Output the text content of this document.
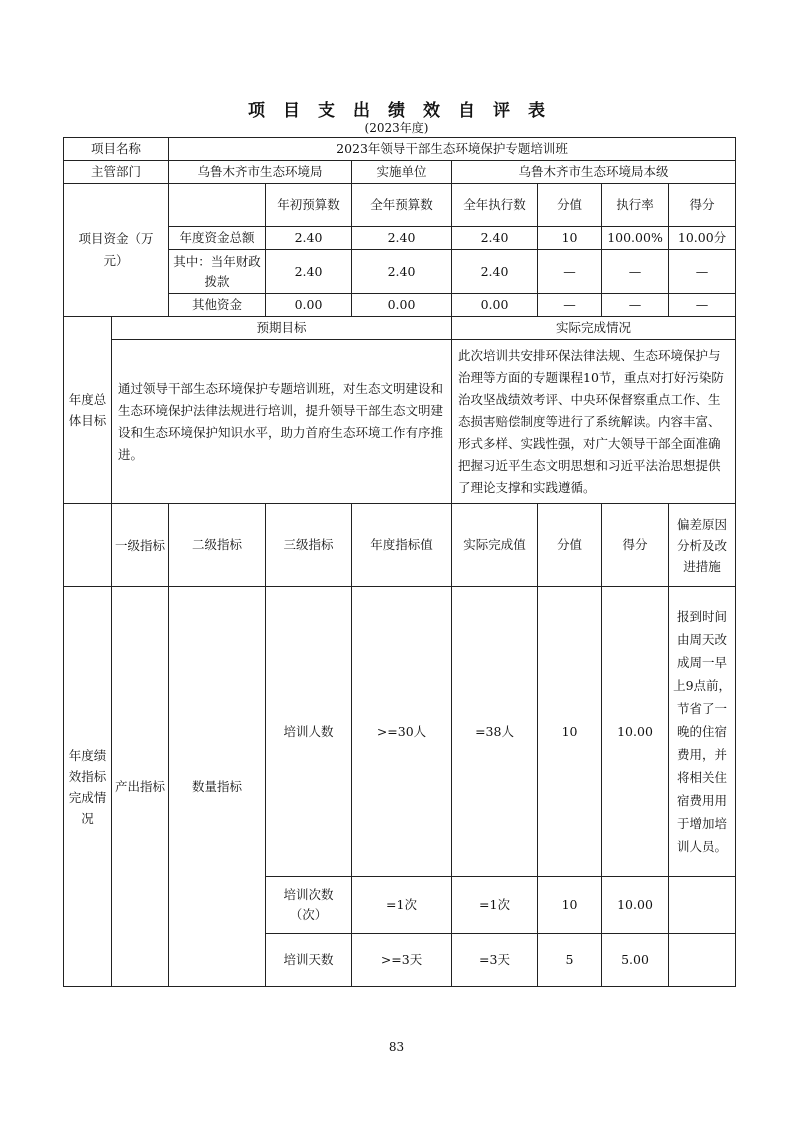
项目支出绩效自评表
(2023年度)
项目名称		2023年领导干部生态环境保护专题培训班						
主管部门		乌鲁木齐市生态环境局		实施单位	乌鲁木齐市生态环境局本级			
项目资金（万元）			年初预算数	全年预算数	全年执行数	分值	执行率	得分
		年度资金总额	2.40	2.40	2.40	10	100.00%	10.00分
		其中：当年财政拨款	2.40	2.40	2.40	—	—	—
		其他资金	0.00	0.00	0.00	—	—	—
年度总体目标	预期目标				实际完成情况			
	通过领导干部生态环境保护专题培训班，对生态文明建设和生态环境保护法律法规进行培训，提升领导干部生态文明建设和生态环境保护知识水平，助力首府生态环境工作有序推进。				此次培训共安排环保法律法规、生态环境保护与治理等方面的专题课程10节，重点对打好污染防治攻坚战绩效考评、中央环保督察重点工作、生态损害赔偿制度等进行了系统解读。内容丰富、形式多样、实践性强，对广大领导干部全面准确把握习近平生态文明思想和习近平法治思想提供了理论支撑和实践遵循。			
	一级指标	二级指标	三级指标	年度指标值	实际完成值	分值	得分	偏差原因分析及改进措施
年度绩效指标完成情况	产出指标	数量指标	培训人数	>=30人	=38人	10	10.00	报到时间由周天改成周一早上9点前，节省了一晚的住宿费用，并将相关住宿费用用于增加培训人员。
			培训次数（次）	=1次	=1次	10	10.00	
			培训天数	>=3天	=3天	5	5.00	
83
